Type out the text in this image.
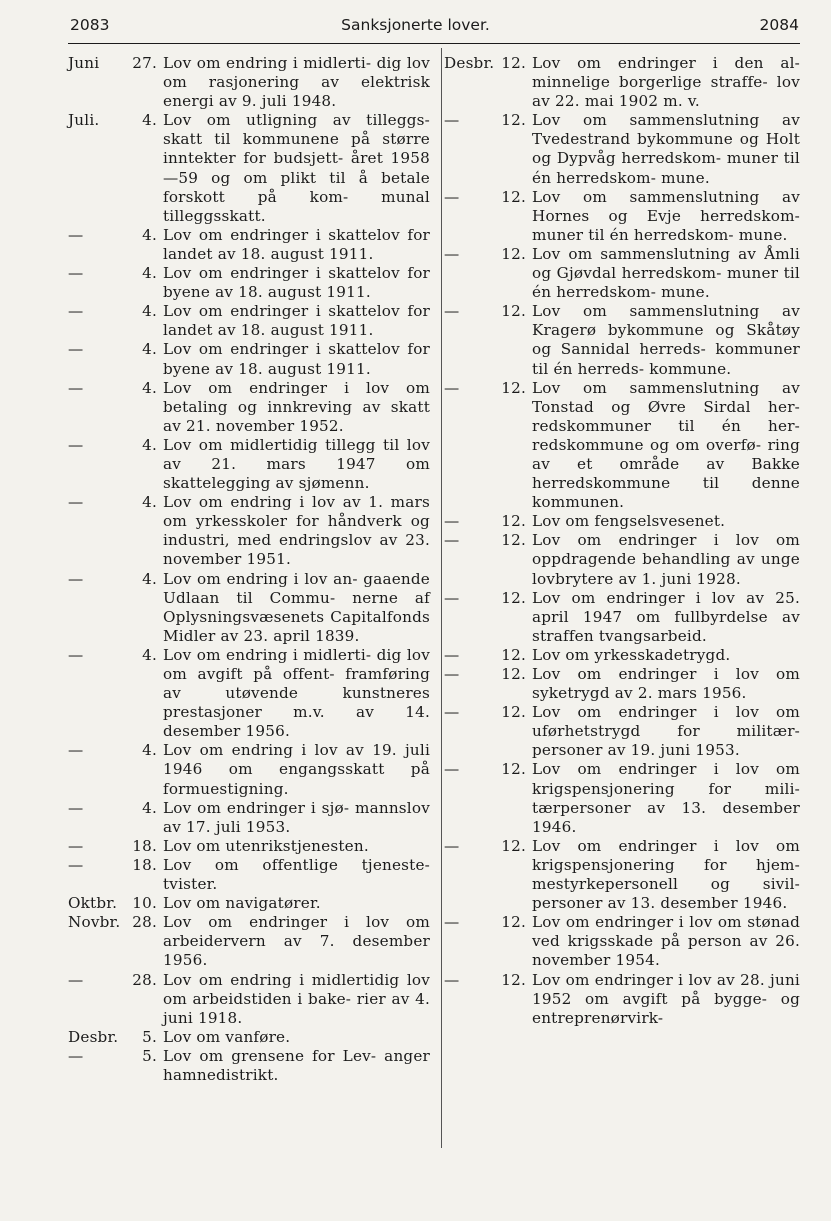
2083	Sanksjonerte lover.	2084
Juni	27. Lov om endring i midlerti- dig lov om rasjonering av elektrisk energi av 9. juli 1948.
Juli.	4. Lov om utligning av tilleggs- skatt til kommunene på større inntekter for budsjett- året 1958—59 og om plikt til å betale forskott på kom- munal tilleggsskatt.
—	4. Lov om endringer i skattelov for landet av 18. august 1911.
—	4. Lov om endringer i skattelov for byene av 18. august 1911.
—	4. Lov om endringer i skattelov for landet av 18. august 1911.
—	4. Lov om endringer i skattelov for byene av 18. august 1911.
—	4. Lov om endringer i lov om betaling og innkreving av skatt av 21. november 1952.
—	4. Lov om midlertidig tillegg til lov av 21. mars 1947 om skattelegging av sjømenn.
—	4. Lov om endring i lov av 1. mars om yrkesskoler for håndverk og industri, med endringslov av 23. november 1951.
—	4. Lov om endring i lov an- gaaende Udlaan til Commu- nerne af Oplysningsvæsenets Capitalfonds Midler av 23. april 1839.
—	4. Lov om endring i midlerti- dig lov om avgift på offent- framføring av utøvende kunstneres prestasjoner m.v. av 14. desember 1956.
—	4. Lov om endring i lov av 19. juli 1946 om engangsskatt på formuestigning.
—	4. Lov om endringer i sjø- mannslov av 17. juli 1953.
—	18. Lov om utenrikstjenesten.
—	18. Lov om offentlige tjeneste- tvister.
Oktbr. 10. Lov om navigatører.
Novbr. 28. Lov om endringer i lov om arbeidervern av 7. desember 1956.
—	28. Lov om endring i midlertidig lov om arbeidstiden i bake- rier av 4. juni 1918.
Desbr.	5. Lov om vanføre.
—	5. Lov om grensene for Lev- anger hamnedistrikt.
Desbr. 12. Lov om endringer i den al- minnelige borgerlige straffe- lov av 22. mai 1902 m. v.
—	12. Lov om sammenslutning av Tvedestrand bykommune og Holt og Dypvåg herredskom- muner til én herredskom- mune.
—	12. Lov om sammenslutning av Hornes og Evje herredskom- muner til én herredskom- mune.
—	12. Lov om sammenslutning av Åmli og Gjøvdal herredskom- muner til én herredskom- mune.
—	12. Lov om sammenslutning av Kragerø bykommune og Skåtøy og Sannidal herreds- kommuner til én herreds- kommune.
—	12. Lov om sammenslutning av Tonstad og Øvre Sirdal her- redskommuner til én her- redskommune og om overfø- ring av et område av Bakke herredskommune til denne kommunen.
—	12. Lov om fengselsvesenet.
—	12. Lov om endringer i lov om oppdragende behandling av unge lovbrytere av 1. juni 1928.
—	12. Lov om endringer i lov av 25. april 1947 om fullbyrdelse av straffen tvangsarbeid.
—	12. Lov om yrkesskadetrygd.
—	12. Lov om endringer i lov om syketrygd av 2. mars 1956.
—	12. Lov om endringer i lov om uførhetstrygd for militær- personer av 19. juni 1953.
—	12. Lov om endringer i lov om krigspensjonering for mili- tærpersoner av 13. desember 1946.
—	12. Lov om endringer i lov om krigspensjonering for hjem- mestyrkepersonell og sivil- personer av 13. desember 1946.
—	12. Lov om endringer i lov om stønad ved krigsskade på person av 26. november 1954.
—	12. Lov om endringer i lov av 28. juni 1952 om avgift på bygge- og entreprenørvirk-
